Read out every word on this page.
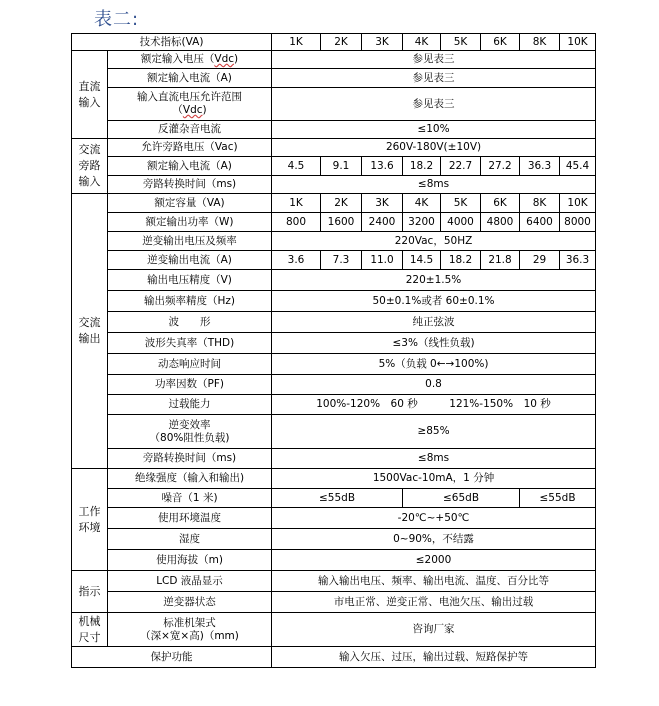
表二:
技术指标(VA)		1K	2K	3K	4K	5K	6K	8K	10K
直流输入	额定输入电压（Vdc)	参见表三							
	额定输入电流（A)	参见表三							

	输入直流电压允许范围
（Vdc)	参见表三							
	反灌杂音电流	≤10%							
交流旁路输入	允许旁路电压（Vac)	260V-180V(±10V)							
	额定输入电流（A)	4.5	9.1	13.6	18.2	22.7	27.2	36.3	45.4
	旁路转换时间（ms)	≤8ms							
交流输出	额定容量（VA)	1K	2K	3K	4K	5K	6K	8K	10K
	额定输出功率（W)	800	1600	2400	3200	4000	4800	6400	8000
	逆变输出电压及频率	220Vac，50HZ							
	逆变输出电流（A)	3.6	7.3	11.0	14.5	18.2	21.8	29	36.3
	输出电压精度（V)	220±1.5%							
	输出频率精度（Hz)	50±0.1%或者 60±0.1%							
	波　　形	纯正弦波							
	波形失真率（THD)	≤3%（线性负载)							
	动态响应时间	5%（负载 0←→100%)							
	功率因数（PF)	0.8							
	过载能力	100%-120%　60 秒　　　121%-150%　10 秒							

	逆变效率
（80%阻性负载)	≥85%							
	旁路转换时间（ms)	≤8ms							
工作环境	绝缘强度（输入和输出)	1500Vac-10mA，1 分钟							
	噪音（1 米)	≤55dB			≤65dB			≤55dB	
	使用环境温度	-20℃~+50℃							
	湿度	0~90%，不结露							
	使用海拔（m)	≤2000							
指示	LCD 液晶显示	输入输出电压、频率、输出电流、温度、百分比等							
	逆变器状态	市电正常、逆变正常、电池欠压、输出过载							
机械尺寸	标准机架式
（深×宽×高)（mm)	咨询厂家							
保护功能		输入欠压、过压，输出过载、短路保护等							
